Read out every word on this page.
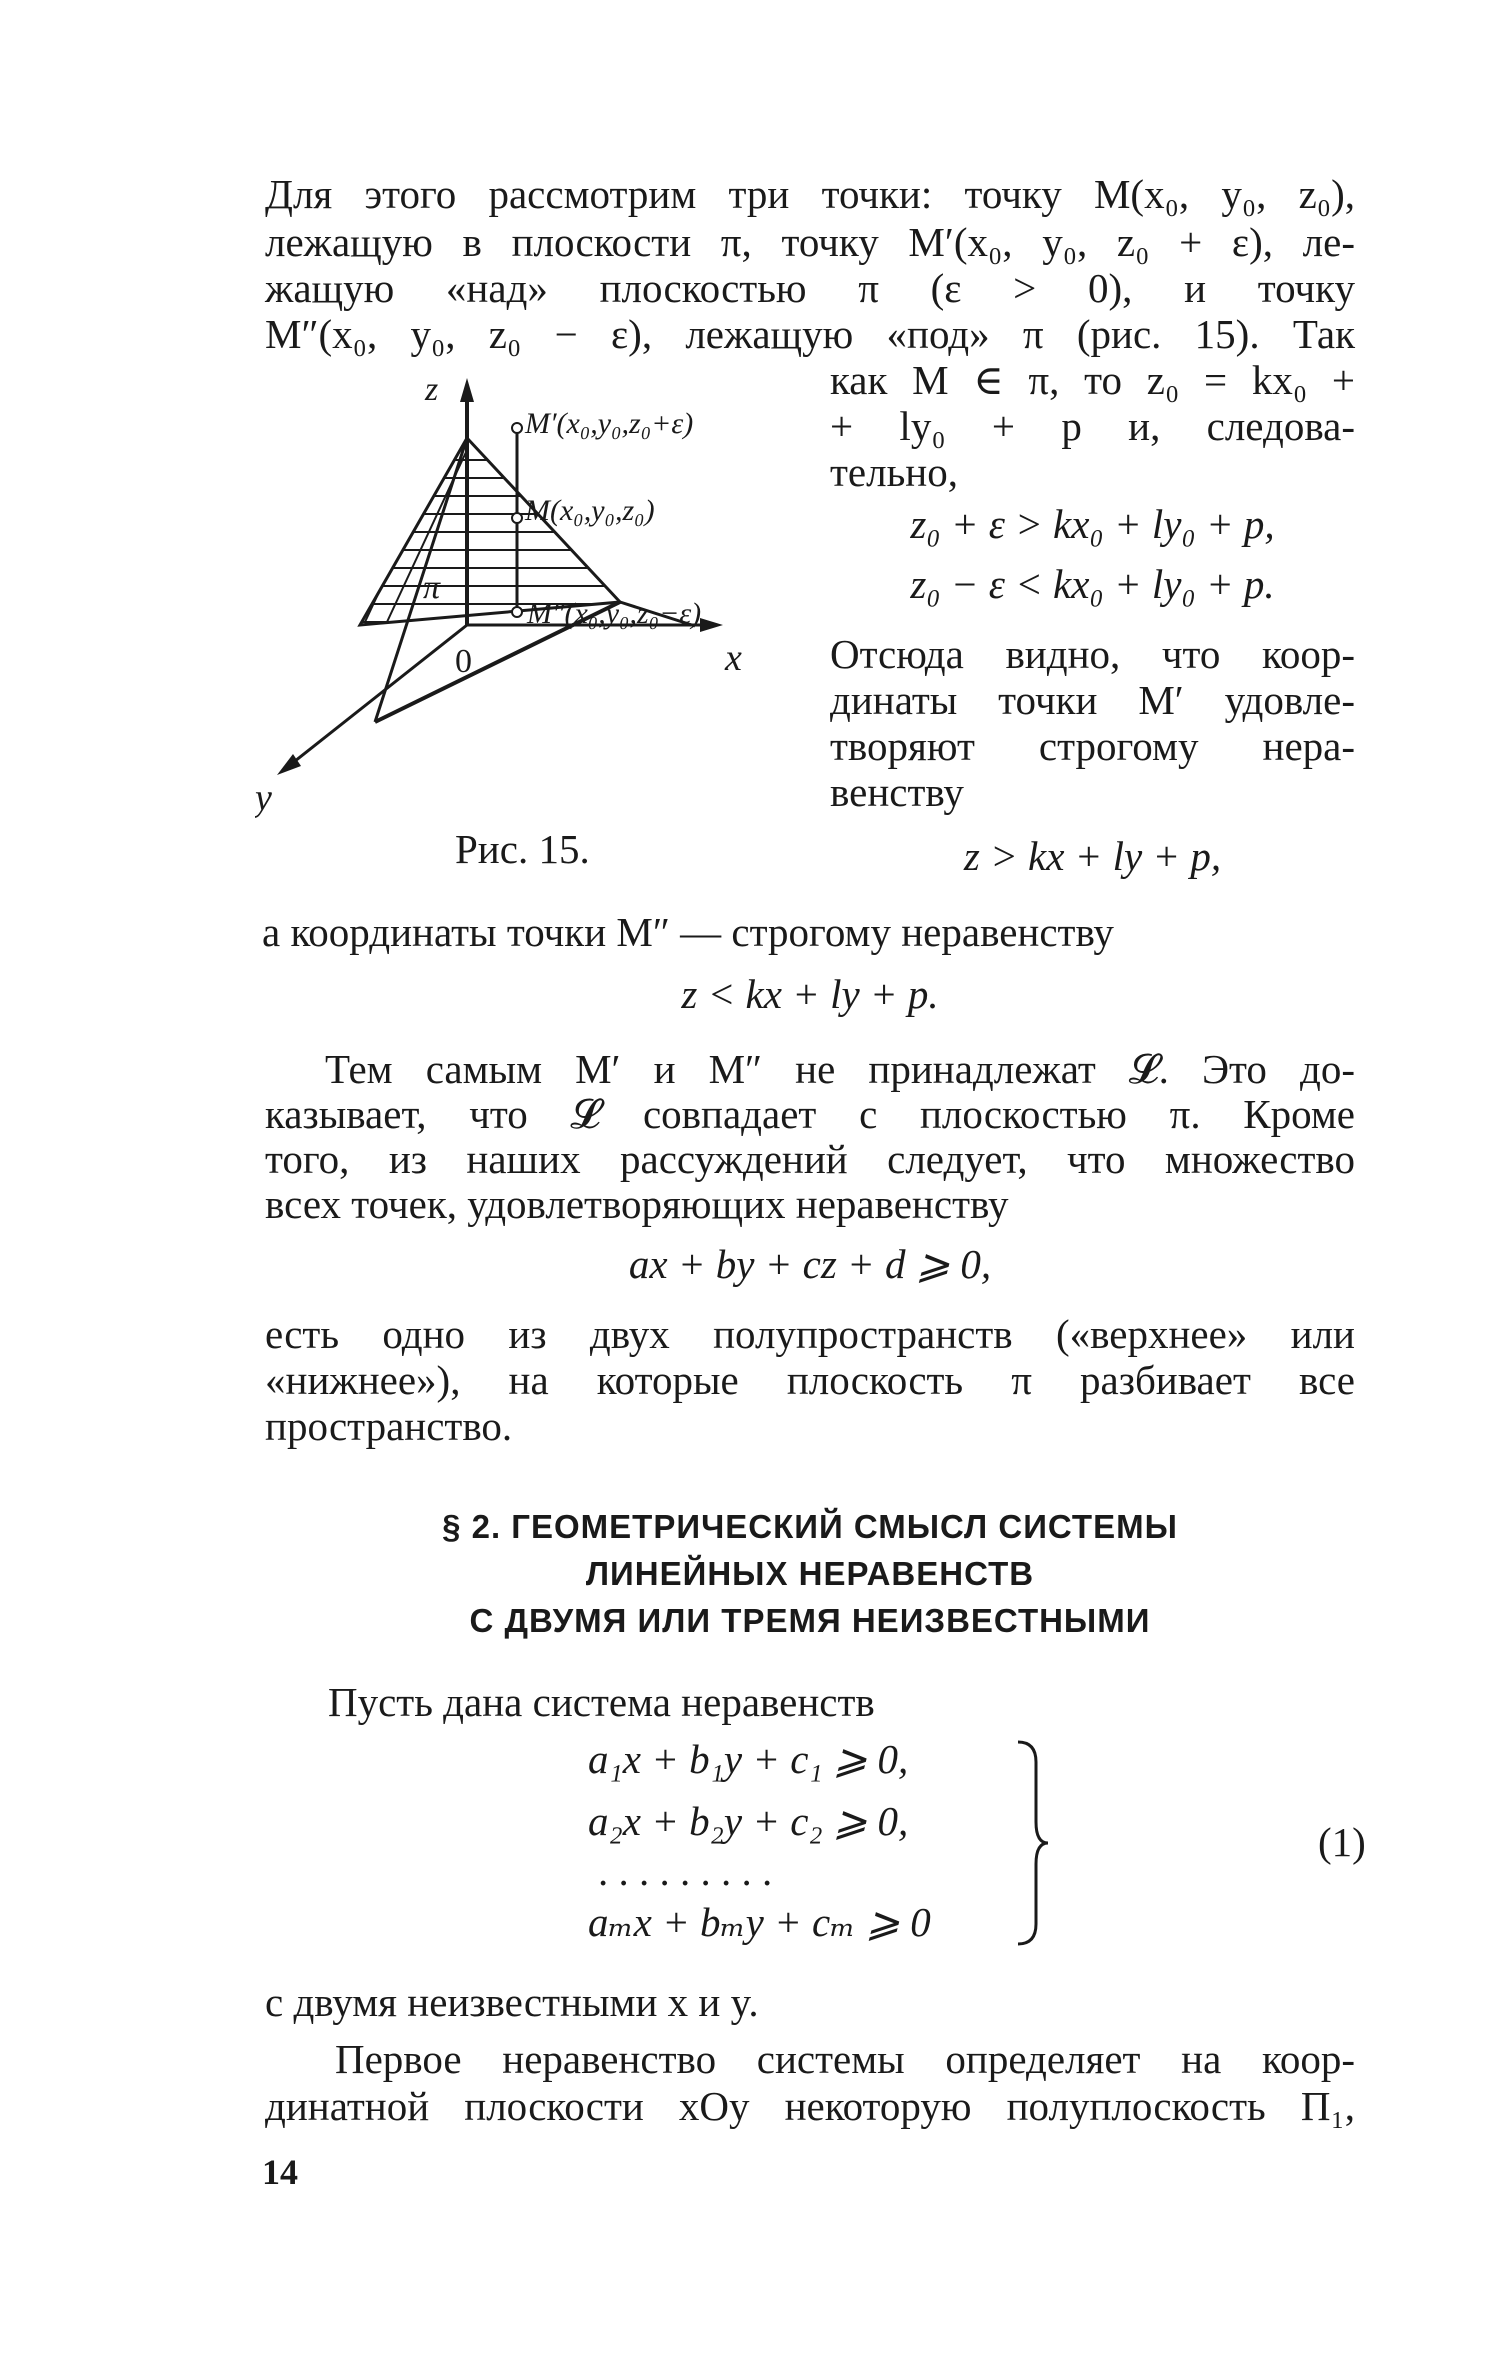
Для этого рассмотрим три точки: точку M(x₀, y₀, z₀),
лежащую в плоскости π, точку M′(x₀, y₀, z₀ + ε), ле-
жащую «над» плоскостью π (ε > 0), и точку
M″(x₀, y₀, z₀ − ε), лежащую «под» π (рис. 15). Так
z
x
y
0
π
M′(x₀,y₀,z₀+ε)
M(x₀,y₀,z₀)
M″(x₀,y₀,z₀−ε)
Рис. 15.
как M ∈ π, то z₀ = kx₀ +
+ ly₀ + p и, следова-
тельно,
z₀ + ε > kx₀ + ly₀ + p,
z₀ − ε < kx₀ + ly₀ + p.
Отсюда видно, что коор-
динаты точки M′ удовле-
творяют строгому нера-
венству
z > kx + ly + p,
а координаты точки M″ — строгому неравенству
z < kx + ly + p.
Тем самым M′ и M″ не принадлежат 𝓛. Это до-
казывает, что 𝓛 совпадает с плоскостью π. Кроме
того, из наших рассуждений следует, что множество
всех точек, удовлетворяющих неравенству
ax + by + cz + d ⩾ 0,
есть одно из двух полупространств («верхнее» или
«нижнее»), на которые плоскость π разбивает все
пространство.
§ 2. ГЕОМЕТРИЧЕСКИЙ СМЫСЛ СИСТЕМЫ
ЛИНЕЙНЫХ НЕРАВЕНСТВ
С ДВУМЯ ИЛИ ТРЕМЯ НЕИЗВЕСТНЫМИ
Пусть дана система неравенств
a₁x + b₁y + c₁ ⩾ 0,
a₂x + b₂y + c₂ ⩾ 0,
. . . . . . . . .
aₘx + bₘy + cₘ ⩾ 0
(1)
с двумя неизвестными x и y.
Первое неравенство системы определяет на коор-
динатной плоскости xOy некоторую полуплоскость Π₁,
14
